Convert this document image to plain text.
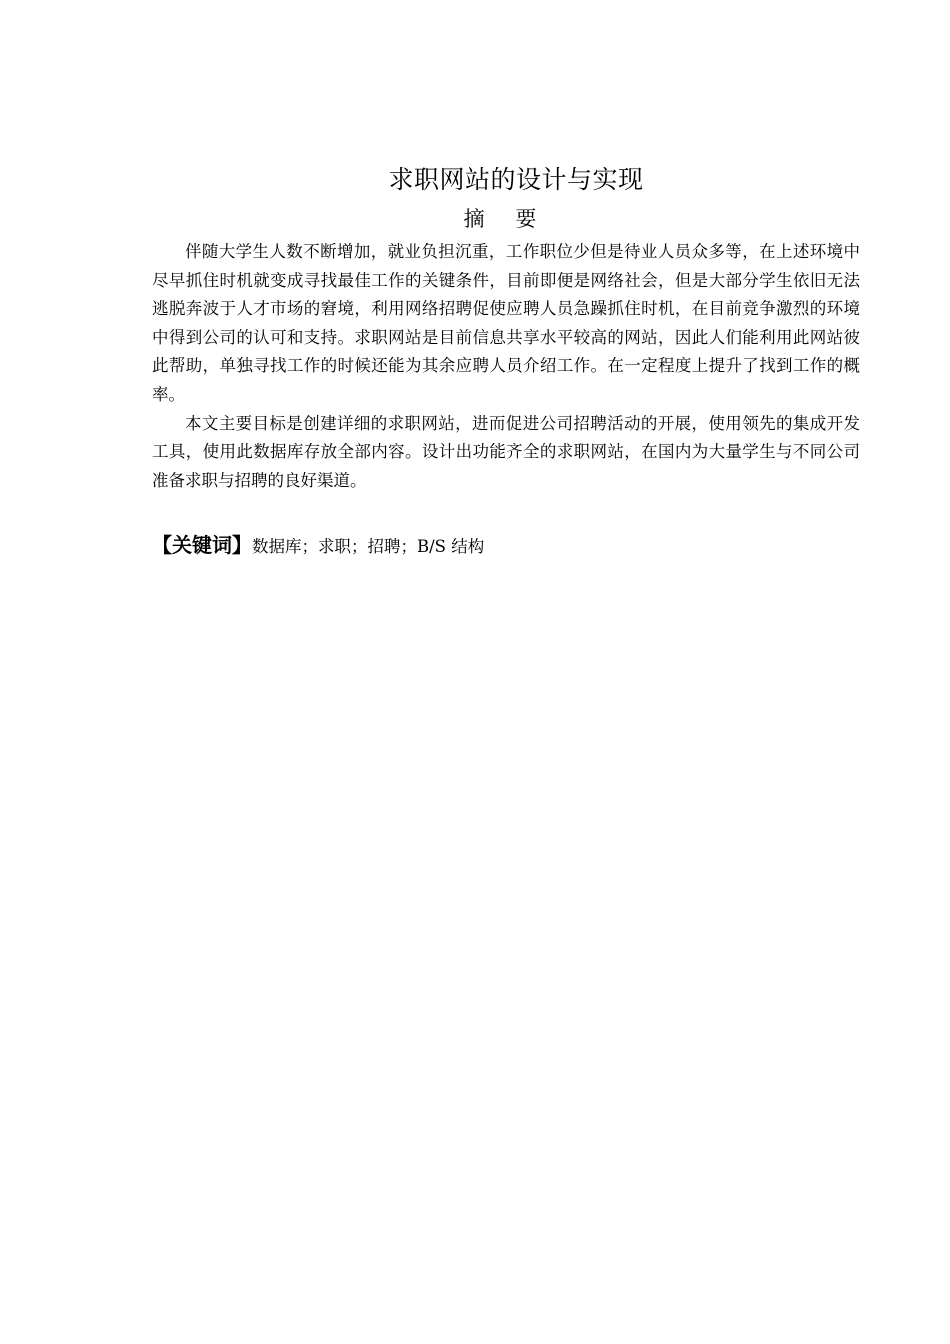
求职网站的设计与实现
摘 要

伴随大学生人数不断增加，就业负担沉重，工作职位少但是待业人员众多等，在上述环境中尽早抓住时机就变成寻找最佳工作的关键条件，目前即便是网络社会，但是大部分学生依旧无法逃脱奔波于人才市场的窘境，利用网络招聘促使应聘人员急躁抓住时机，在目前竞争激烈的环境中得到公司的认可和支持。求职网站是目前信息共享水平较高的网站，因此人们能利用此网站彼此帮助，单独寻找工作的时候还能为其余应聘人员介绍工作。在一定程度上提升了找到工作的概率。

本文主要目标是创建详细的求职网站，进而促进公司招聘活动的开展，使用领先的集成开发工具，使用此数据库存放全部内容。设计出功能齐全的求职网站，在国内为大量学生与不同公司准备求职与招聘的良好渠道。

【关键词】数据库；求职；招聘；B/S 结构
